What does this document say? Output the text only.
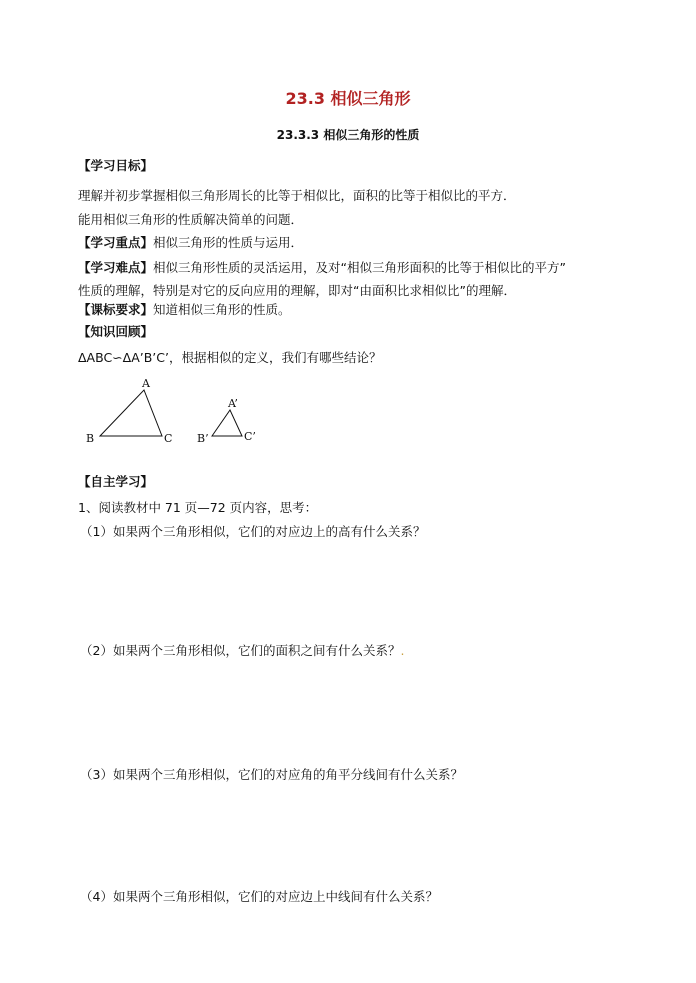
23.3 相似三角形
23.3.3 相似三角形的性质
【学习目标】
理解并初步掌握相似三角形周长的比等于相似比，面积的比等于相似比的平方．
能用相似三角形的性质解决简单的问题．
【学习重点】相似三角形的性质与运用．
【学习难点】相似三角形性质的灵活运用，及对“相似三角形面积的比等于相似比的平方”
性质的理解，特别是对它的反向应用的理解，即对“由面积比求相似比”的理解．
【课标要求】知道相似三角形的性质。
【知识回顾】
ΔABC∽ΔA’B’C’，根据相似的定义，我们有哪些结论？
A
B	C
A’
B’	C’
【自主学习】
1、阅读教材中 71 页—72 页内容，思考：
（1）如果两个三角形相似，它们的对应边上的高有什么关系？
（2）如果两个三角形相似，它们的面积之间有什么关系？.
（3）如果两个三角形相似，它们的对应角的角平分线间有什么关系？
（4）如果两个三角形相似，它们的对应边上中线间有什么关系？
